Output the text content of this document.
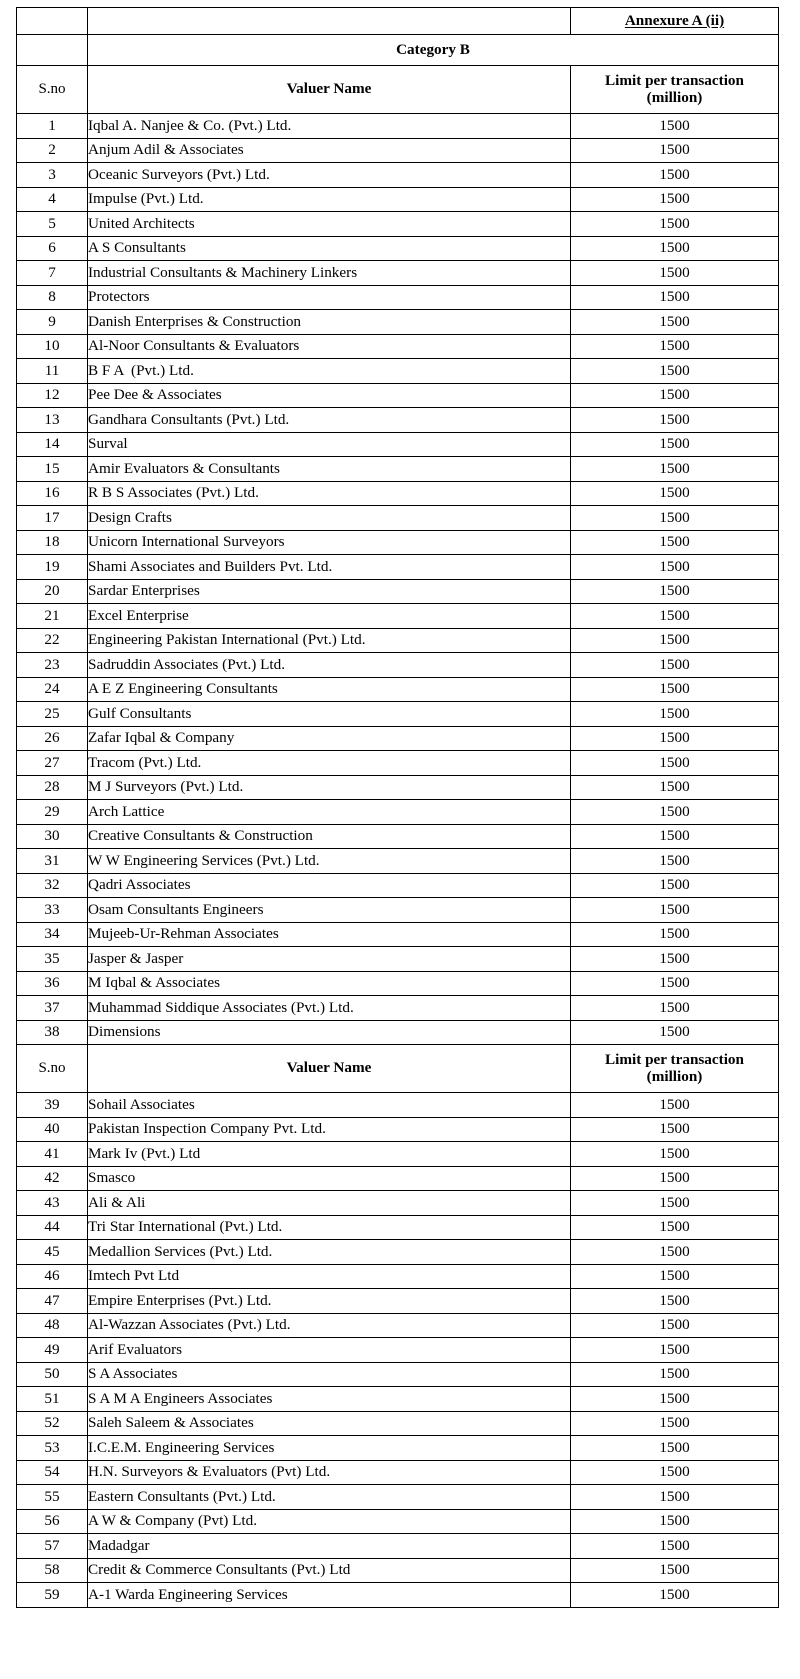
		Annexure A (ii)
	Category B	
S.no	Valuer Name	Limit per transaction
(million)

1	Iqbal A. Nanjee & Co. (Pvt.) Ltd.	1500
2	Anjum Adil & Associates	1500
3	Oceanic Surveyors (Pvt.) Ltd.	1500
4	Impulse (Pvt.) Ltd.	1500
5	United Architects	1500
6	A S Consultants	1500
7	Industrial Consultants & Machinery Linkers	1500
8	Protectors	1500
9	Danish Enterprises & Construction	1500
10	Al-Noor Consultants & Evaluators	1500
11	B F A  (Pvt.) Ltd.	1500
12	Pee Dee & Associates	1500
13	Gandhara Consultants (Pvt.) Ltd.	1500
14	Surval	1500
15	Amir Evaluators & Consultants	1500
16	R B S Associates (Pvt.) Ltd.	1500
17	Design Crafts	1500
18	Unicorn International Surveyors	1500
19	Shami Associates and Builders Pvt. Ltd.	1500
20	Sardar Enterprises	1500
21	Excel Enterprise	1500
22	Engineering Pakistan International (Pvt.) Ltd.	1500
23	Sadruddin Associates (Pvt.) Ltd.	1500
24	A E Z Engineering Consultants	1500
25	Gulf Consultants	1500
26	Zafar Iqbal & Company	1500
27	Tracom (Pvt.) Ltd.	1500
28	M J Surveyors (Pvt.) Ltd.	1500
29	Arch Lattice	1500
30	Creative Consultants & Construction	1500
31	W W Engineering Services (Pvt.) Ltd.	1500
32	Qadri Associates	1500
33	Osam Consultants Engineers	1500
34	Mujeeb-Ur-Rehman Associates	1500
35	Jasper & Jasper	1500
36	M Iqbal & Associates	1500
37	Muhammad Siddique Associates (Pvt.) Ltd.	1500
38	Dimensions	1500
S.no	Valuer Name	Limit per transaction
(million)

39	Sohail Associates	1500
40	Pakistan Inspection Company Pvt. Ltd.	1500
41	Mark Iv (Pvt.) Ltd	1500
42	Smasco	1500
43	Ali & Ali	1500
44	Tri Star International (Pvt.) Ltd.	1500
45	Medallion Services (Pvt.) Ltd.	1500
46	Imtech Pvt Ltd	1500
47	Empire Enterprises (Pvt.) Ltd.	1500
48	Al-Wazzan Associates (Pvt.) Ltd.	1500
49	Arif Evaluators	1500
50	S A Associates	1500
51	S A M A Engineers Associates	1500
52	Saleh Saleem & Associates	1500
53	I.C.E.M. Engineering Services	1500
54	H.N. Surveyors & Evaluators (Pvt) Ltd.	1500
55	Eastern Consultants (Pvt.) Ltd.	1500
56	A W & Company (Pvt) Ltd.	1500
57	Madadgar	1500
58	Credit & Commerce Consultants (Pvt.) Ltd	1500
59	A-1 Warda Engineering Services	1500
